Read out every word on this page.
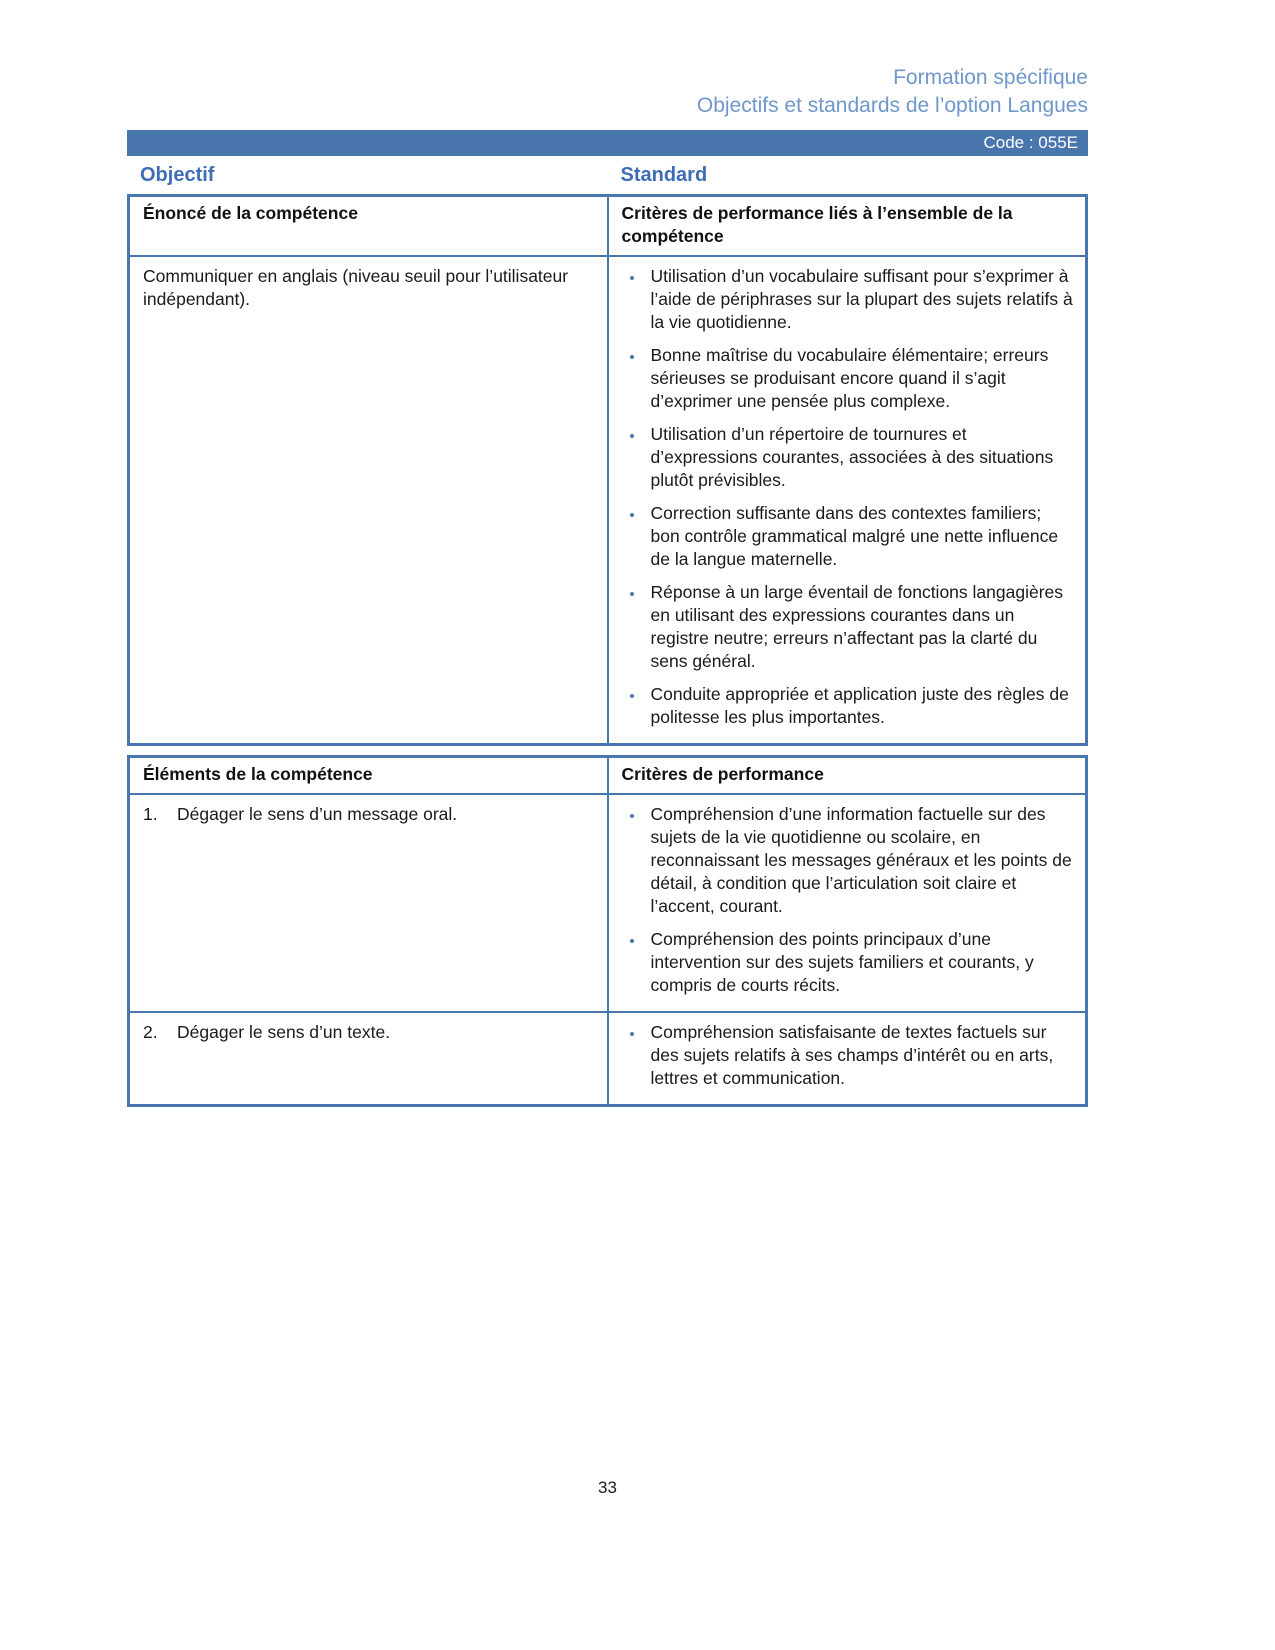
Formation spécifique
Objectifs et standards de l’option Langues
Code : 055E
Objectif	Standard
Énoncé de la compétence	Critères de performance liés à l’ensemble de la compétence
Communiquer en anglais (niveau seuil pour l’utilisateur indépendant).	
• Utilisation d’un vocabulaire suffisant pour s’exprimer à l’aide de périphrases sur la plupart des sujets relatifs à la vie quotidienne.
• Bonne maîtrise du vocabulaire élémentaire; erreurs sérieuses se produisant encore quand il s’agit d’exprimer une pensée plus complexe.
• Utilisation d’un répertoire de tournures et d’expressions courantes, associées à des situations plutôt prévisibles.
• Correction suffisante dans des contextes familiers; bon contrôle grammatical malgré une nette influence de la langue maternelle.
• Réponse à un large éventail de fonctions langagières en utilisant des expressions courantes dans un registre neutre; erreurs n’affectant pas la clarté du sens général.
• Conduite appropriée et application juste des règles de politesse les plus importantes.
Éléments de la compétence	Critères de performance

1.	Dégager le sens d’un message oral.

•Compréhension d’une information factuelle sur des sujets de la vie quotidienne ou scolaire, en reconnaissant les messages généraux et les points de détail, à condition que l’articulation soit claire et l’accent, courant.
• Compréhension des points principaux d’une intervention sur des sujets familiers et courants, y compris de courts récits.

2.	Dégager le sens d’un texte.

•Compréhension satisfaisante de textes factuels sur des sujets relatifs à ses champs d’intérêt ou en arts, lettres et communication.
33
